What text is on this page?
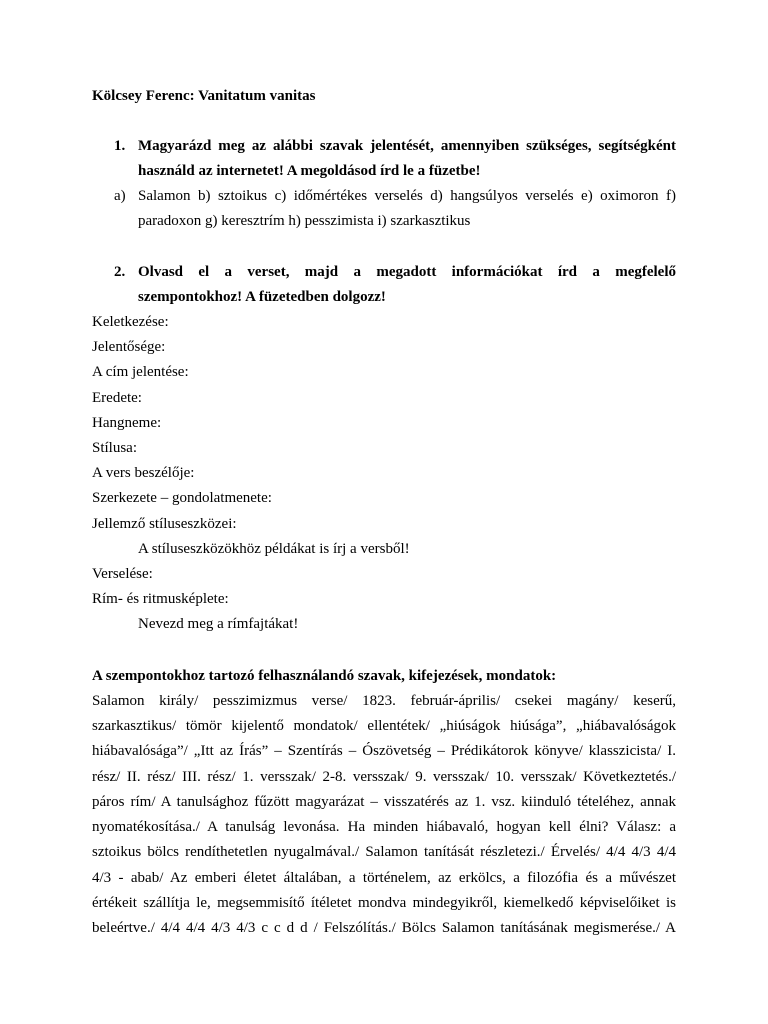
Kölcsey Ferenc: Vanitatum vanitas

1. Magyarázd meg az alábbi szavak jelentését, amennyiben szükséges, segítségként használd az internetet! A megoldásod írd le a füzetbe!
a) Salamon b) sztoikus c) időmértékes verselés d) hangsúlyos verselés e) oximoron f) paradoxon g) keresztrím h) pesszimista i) szarkasztikus
2. Olvasd el a verset, majd a megadott információkat írd a megfelelő
szempontokhoz! A füzetedben dolgozz!
Keletkezése:
Jelentősége:
A cím jelentése:
Eredete:
Hangneme:
Stílusa:
A vers beszélője:
Szerkezete – gondolatmenete:
Jellemző stíluseszközei:
A stíluseszközökhöz példákat is írj a versből!
Verselése:
Rím- és ritmusképlete:
Nevezd meg a rímfajtákat!
A szempontokhoz tartozó felhasználandó szavak, kifejezések, mondatok:
Salamon király/ pesszimizmus verse/ 1823. február-április/ csekei magány/ keserű,
szarkasztikus/ tömör kijelentő mondatok/ ellentétek/ „hiúságok hiúsága”, „hiábavalóságok
hiábavalósága”/ „Itt az Írás” – Szentírás – Ószövetség – Prédikátorok könyve/ klasszicista/ I.
rész/ II. rész/ III. rész/ 1. versszak/ 2-8. versszak/ 9. versszak/ 10. versszak/ Következtetés./
páros rím/ A tanulsághoz fűzött magyarázat – visszatérés az 1. vsz. kiinduló tételéhez, annak
nyomatékosítása./ A tanulság levonása. Ha minden hiábavaló, hogyan kell élni? Válasz: a
sztoikus bölcs rendíthetetlen nyugalmával./ Salamon tanítását részletezi./ Érvelés/ 4/4 4/3 4/4
4/3 - abab/ Az emberi életet általában, a történelem, az erkölcs, a filozófia és a művészet
értékeit szállítja le, megsemmisítő ítéletet mondva mindegyikről, kiemelkedő képviselőiket is
beleértve./ 4/4 4/4 4/3 4/3 c c d d / Felszólítás./ Bölcs Salamon tanításának megismerése./ A
